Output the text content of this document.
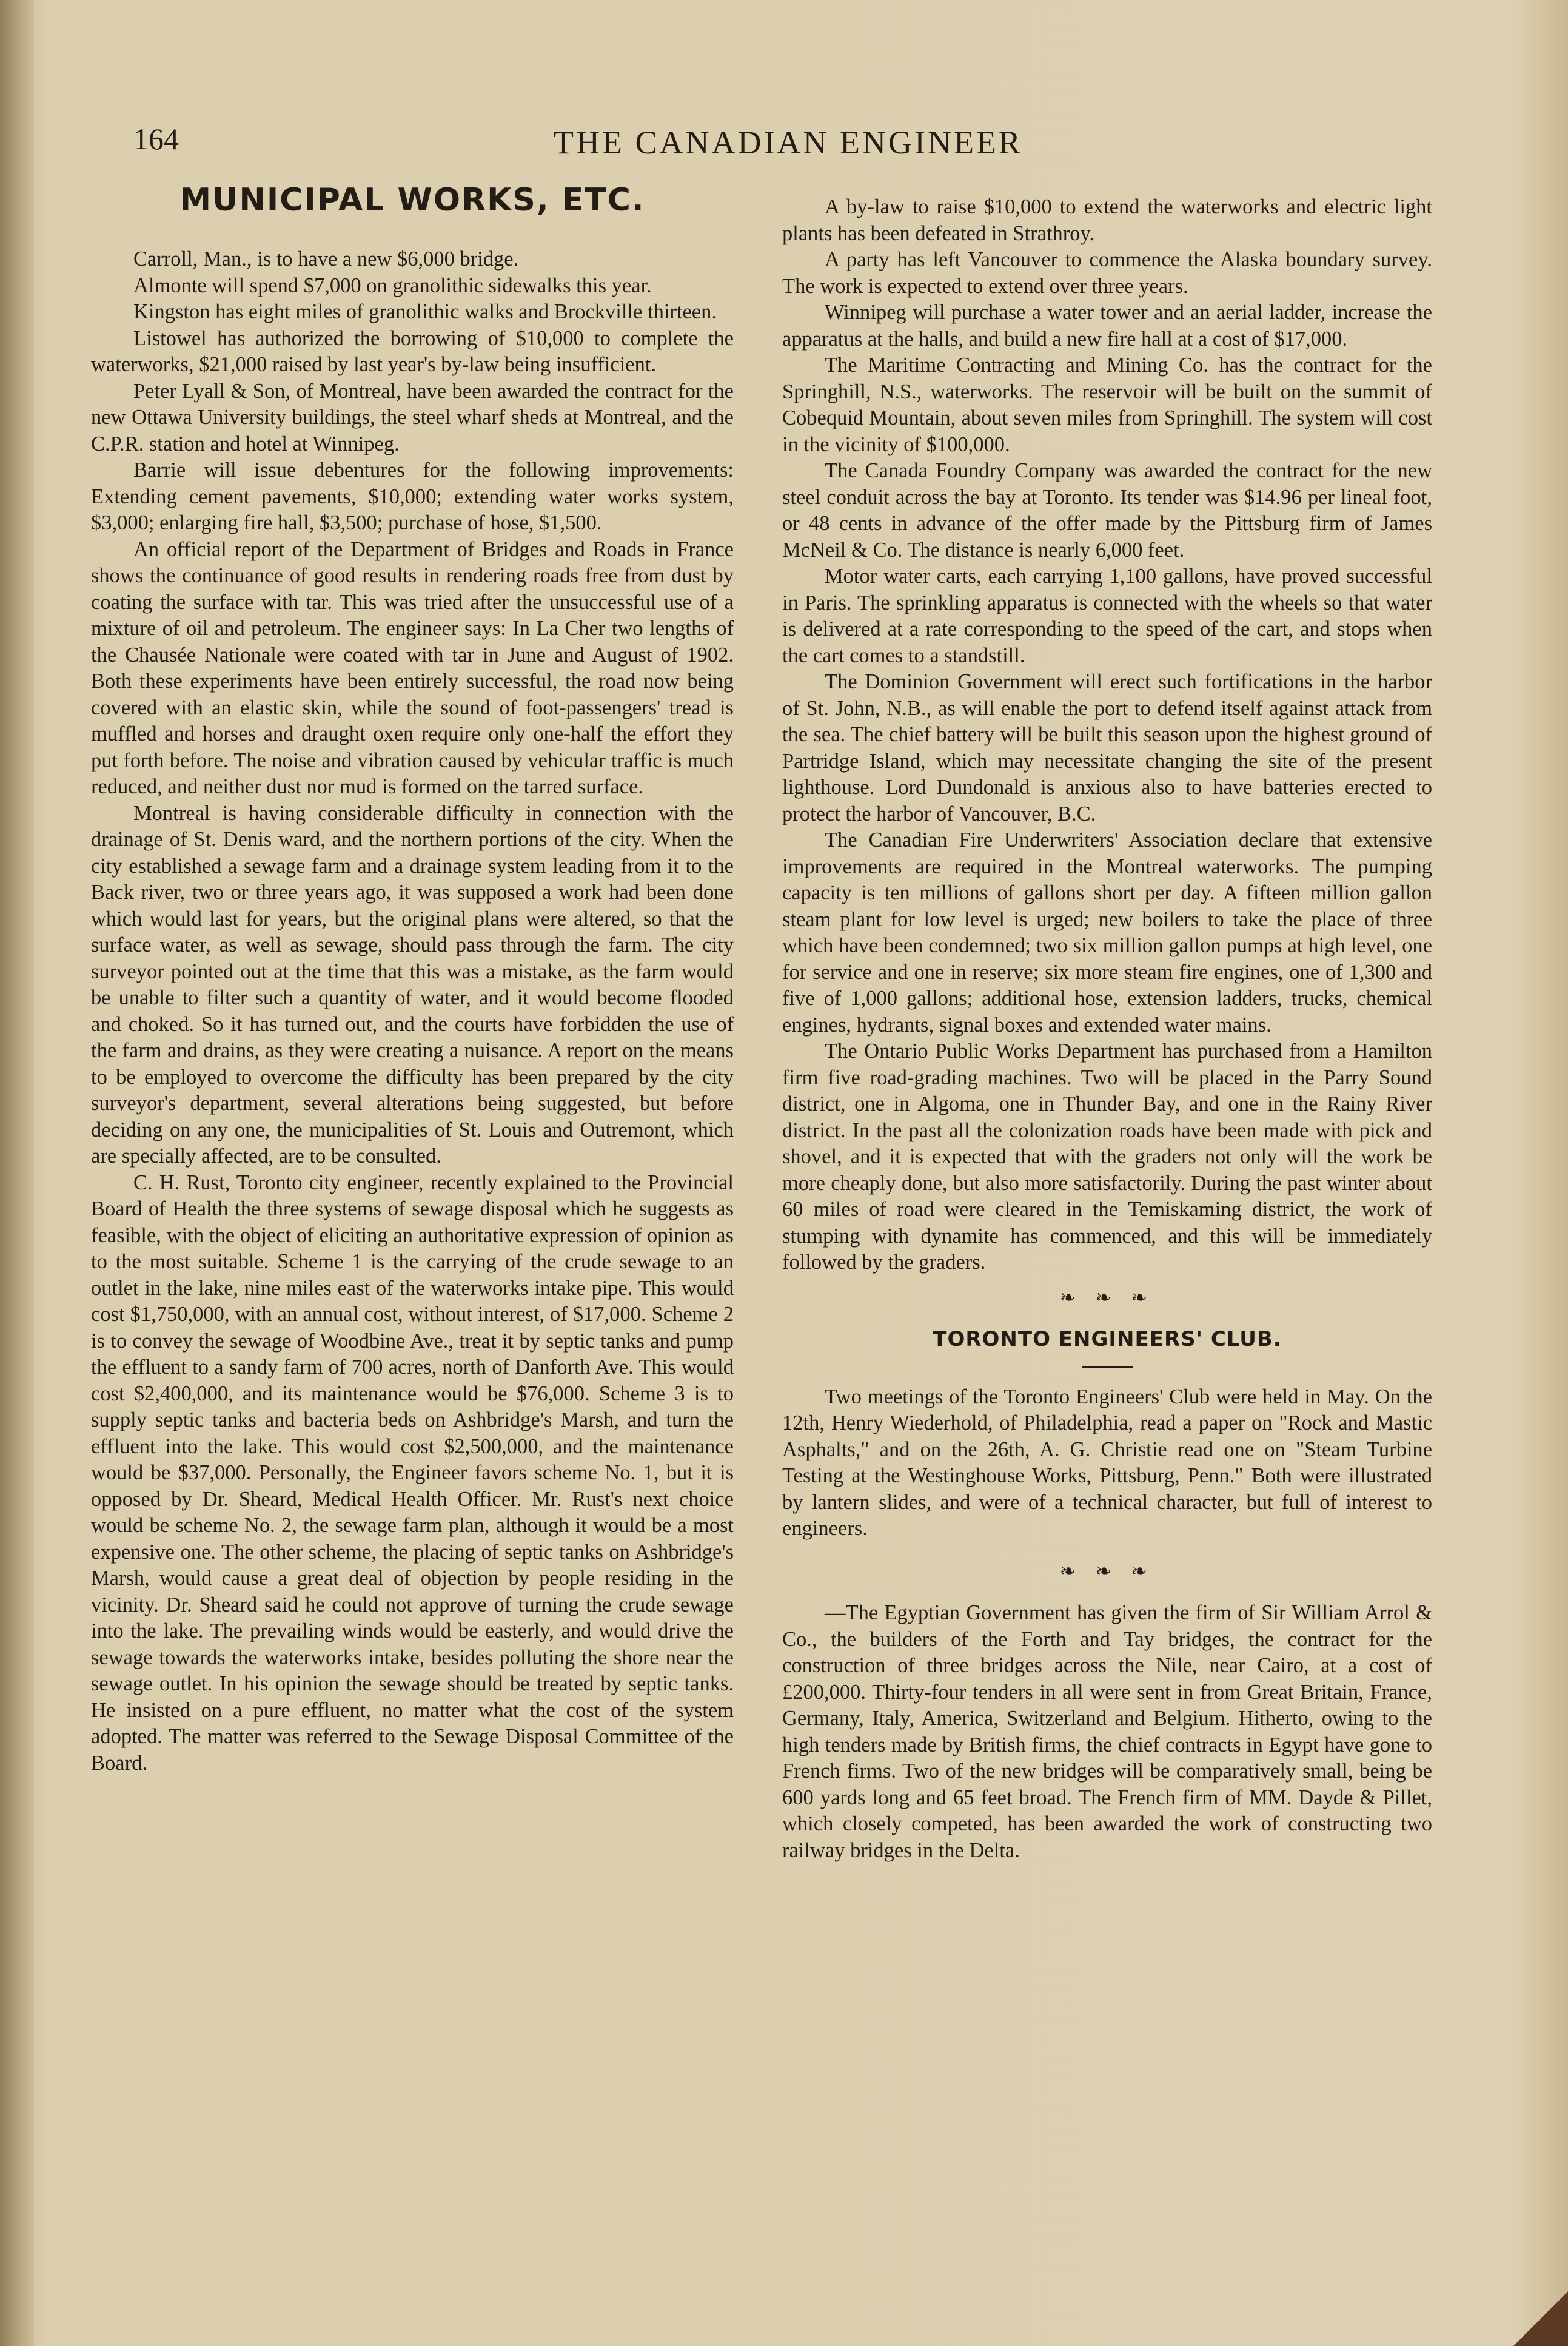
164	THE CANADIAN ENGINEER
MUNICIPAL WORKS, ETC.

Carroll, Man., is to have a new $6,000 bridge.

Almonte will spend $7,000 on granolithic sidewalks this year.

Kingston has eight miles of granolithic walks and Brockville thirteen.

Listowel has authorized the borrowing of $10,000 to complete the waterworks, $21,000 raised by last year's by-law being insufficient.

Peter Lyall & Son, of Montreal, have been awarded the contract for the new Ottawa University buildings, the steel wharf sheds at Montreal, and the C.P.R. station and hotel at Winnipeg.

Barrie will issue debentures for the following improvements: Extending cement pavements, $10,000; extending water works system, $3,000; enlarging fire hall, $3,500; purchase of hose, $1,500.

An official report of the Department of Bridges and Roads in France shows the continuance of good results in rendering roads free from dust by coating the surface with tar. This was tried after the unsuccessful use of a mixture of oil and petroleum. The engineer says: In La Cher two lengths of the Chausée Nationale were coated with tar in June and August of 1902. Both these experiments have been entirely successful, the road now being covered with an elastic skin, while the sound of foot-passengers' tread is muffled and horses and draught oxen require only one-half the effort they put forth before. The noise and vibration caused by vehicular traffic is much reduced, and neither dust nor mud is formed on the tarred surface.

Montreal is having considerable difficulty in connection with the drainage of St. Denis ward, and the northern portions of the city. When the city established a sewage farm and a drainage system leading from it to the Back river, two or three years ago, it was supposed a work had been done which would last for years, but the original plans were altered, so that the surface water, as well as sewage, should pass through the farm. The city surveyor pointed out at the time that this was a mistake, as the farm would be unable to filter such a quantity of water, and it would become flooded and choked. So it has turned out, and the courts have forbidden the use of the farm and drains, as they were creating a nuisance. A report on the means to be employed to overcome the difficulty has been prepared by the city surveyor's department, several alterations being suggested, but before deciding on any one, the municipalities of St. Louis and Outremont, which are specially affected, are to be consulted.

C. H. Rust, Toronto city engineer, recently explained to the Provincial Board of Health the three systems of sewage disposal which he suggests as feasible, with the object of eliciting an authoritative expression of opinion as to the most suitable. Scheme 1 is the carrying of the crude sewage to an outlet in the lake, nine miles east of the waterworks intake pipe. This would cost $1,750,000, with an annual cost, without interest, of $17,000. Scheme 2 is to convey the sewage of Woodbine Ave., treat it by septic tanks and pump the effluent to a sandy farm of 700 acres, north of Danforth Ave. This would cost $2,400,000, and its maintenance would be $76,000. Scheme 3 is to supply septic tanks and bacteria beds on Ashbridge's Marsh, and turn the effluent into the lake. This would cost $2,500,000, and the maintenance would be $37,000. Personally, the Engineer favors scheme No. 1, but it is opposed by Dr. Sheard, Medical Health Officer. Mr. Rust's next choice would be scheme No. 2, the sewage farm plan, although it would be a most expensive one. The other scheme, the placing of septic tanks on Ashbridge's Marsh, would cause a great deal of objection by people residing in the vicinity. Dr. Sheard said he could not approve of turning the crude sewage into the lake. The prevailing winds would be easterly, and would drive the sewage towards the waterworks intake, besides polluting the shore near the sewage outlet. In his opinion the sewage should be treated by septic tanks. He insisted on a pure effluent, no matter what the cost of the system adopted. The matter was referred to the Sewage Disposal Committee of the Board.

A by-law to raise $10,000 to extend the waterworks and electric light plants has been defeated in Strathroy.

A party has left Vancouver to commence the Alaska boundary survey. The work is expected to extend over three years.

Winnipeg will purchase a water tower and an aerial ladder, increase the apparatus at the halls, and build a new fire hall at a cost of $17,000.

The Maritime Contracting and Mining Co. has the contract for the Springhill, N.S., waterworks. The reservoir will be built on the summit of Cobequid Mountain, about seven miles from Springhill. The system will cost in the vicinity of $100,000.

The Canada Foundry Company was awarded the contract for the new steel conduit across the bay at Toronto. Its tender was $14.96 per lineal foot, or 48 cents in advance of the offer made by the Pittsburg firm of James McNeil & Co. The distance is nearly 6,000 feet.

Motor water carts, each carrying 1,100 gallons, have proved successful in Paris. The sprinkling apparatus is connected with the wheels so that water is delivered at a rate corresponding to the speed of the cart, and stops when the cart comes to a standstill.

The Dominion Government will erect such fortifications in the harbor of St. John, N.B., as will enable the port to defend itself against attack from the sea. The chief battery will be built this season upon the highest ground of Partridge Island, which may necessitate changing the site of the present lighthouse. Lord Dundonald is anxious also to have batteries erected to protect the harbor of Vancouver, B.C.

The Canadian Fire Underwriters' Association declare that extensive improvements are required in the Montreal waterworks. The pumping capacity is ten millions of gallons short per day. A fifteen million gallon steam plant for low level is urged; new boilers to take the place of three which have been condemned; two six million gallon pumps at high level, one for service and one in reserve; six more steam fire engines, one of 1,300 and five of 1,000 gallons; additional hose, extension ladders, trucks, chemical engines, hydrants, signal boxes and extended water mains.

The Ontario Public Works Department has purchased from a Hamilton firm five road-grading machines. Two will be placed in the Parry Sound district, one in Algoma, one in Thunder Bay, and one in the Rainy River district. In the past all the colonization roads have been made with pick and shovel, and it is expected that with the graders not only will the work be more cheaply done, but also more satisfactorily. During the past winter about 60 miles of road were cleared in the Temiskaming district, the work of stumping with dynamite has commenced, and this will be immediately followed by the graders.

❧ ❧ ❧
TORONTO ENGINEERS' CLUB.

Two meetings of the Toronto Engineers' Club were held in May. On the 12th, Henry Wiederhold, of Philadelphia, read a paper on "Rock and Mastic Asphalts," and on the 26th, A. G. Christie read one on "Steam Turbine Testing at the Westinghouse Works, Pittsburg, Penn." Both were illustrated by lantern slides, and were of a technical character, but full of interest to engineers.

❧ ❧ ❧

—The Egyptian Government has given the firm of Sir William Arrol & Co., the builders of the Forth and Tay bridges, the contract for the construction of three bridges across the Nile, near Cairo, at a cost of £200,000. Thirty-four tenders in all were sent in from Great Britain, France, Germany, Italy, America, Switzerland and Belgium. Hitherto, owing to the high tenders made by British firms, the chief contracts in Egypt have gone to French firms. Two of the new bridges will be comparatively small, being be 600 yards long and 65 feet broad. The French firm of MM. Dayde & Pillet, which closely competed, has been awarded the work of constructing two railway bridges in the Delta.
